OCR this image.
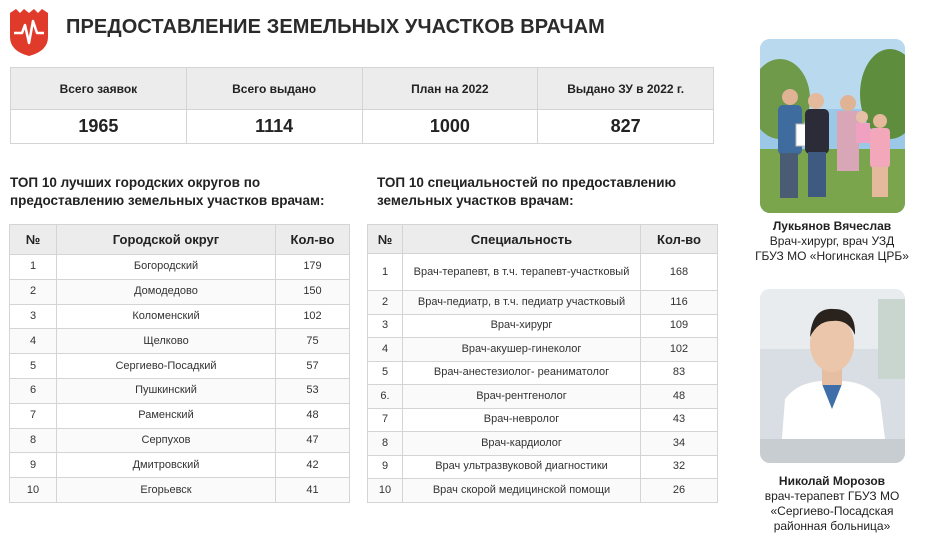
ПРЕДОСТАВЛЕНИЕ ЗЕМЕЛЬНЫХ УЧАСТКОВ ВРАЧАМ
Всего заявок	Всего выдано	План на 2022	Выдано ЗУ в 2022 г.
1965	1114	1000	827
ТОП 10 лучших городских округов по
предоставлению земельных участков врачам:
№	Городской округ	Кол-во
1	Богородский	179
2	Домодедово	150
3	Коломенский	102
4	Щелково	75
5	Сергиево-Посадкий	57
6	Пушкинский	53
7	Раменский	48
8	Серпухов	47
9	Дмитровский	42
10	Егорьевск	41
ТОП 10 специальностей по предоставлению
земельных участков врачам:
№	Специальность	Кол-во
1	Врач-терапевт, в т.ч. терапевт-участковый	168
2	Врач-педиатр, в т.ч. педиатр участковый	116
3	Врач-хирург	109
4	Врач-акушер-гинеколог	102
5	Врач-анестезиолог- реаниматолог	83
6.	Врач-рентгенолог	48
7	Врач-невролог	43
8	Врач-кардиолог	34
9	Врач ультразвуковой диагностики	32
10	Врач скорой медицинской помощи	26
Лукьянов Вячеслав
Врач-хирург, врач УЗД
ГБУЗ МО «Ногинская ЦРБ»
Николай Морозов
врач-терапевт ГБУЗ МО
«Сергиево-Посадская
районная больница»
